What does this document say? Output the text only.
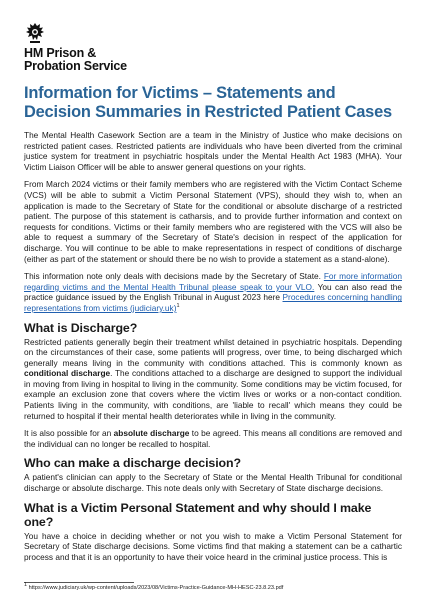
HM Prison &
Probation Service
Information for Victims – Statements and Decision Summaries in Restricted Patient Cases

The Mental Health Casework Section are a team in the Ministry of Justice who make decisions on restricted patient cases. Restricted patients are individuals who have been diverted from the criminal justice system for treatment in psychiatric hospitals under the Mental Health Act 1983 (MHA). Your Victim Liaison Officer will be able to answer general questions on your rights.

From March 2024 victims or their family members who are registered with the Victim Contact Scheme (VCS) will be able to submit a Victim Personal Statement (VPS), should they wish to, when an application is made to the Secretary of State for the conditional or absolute discharge of a restricted patient. The purpose of this statement is catharsis, and to provide further information and context on requests for conditions. Victims or their family members who are registered with the VCS will also be able to request a summary of the Secretary of State's decision in respect of the application for discharge. You will continue to be able to make representations in respect of conditions of discharge (either as part of the statement or should there be no wish to provide a statement as a stand-alone).

This information note only deals with decisions made by the Secretary of State. For more information regarding victims and the Mental Health Tribunal please speak to your VLO. You can also read the practice guidance issued by the English Tribunal in August 2023 here Procedures concerning handling representations from victims (judiciary.uk)$^1$

What is Discharge?

Restricted patients generally begin their treatment whilst detained in psychiatric hospitals. Depending on the circumstances of their case, some patients will progress, over time, to being discharged which generally means living in the community with conditions attached. This is commonly known as conditional discharge. The conditions attached to a discharge are designed to support the individual in moving from living in hospital to living in the community. Some conditions may be victim focused, for example an exclusion zone that covers where the victim lives or works or a non-contact condition. Patients living in the community, with conditions, are 'liable to recall' which means they could be returned to hospital if their mental health deteriorates while in living in the community.

It is also possible for an absolute discharge to be agreed. This means all conditions are removed and the individual can no longer be recalled to hospital.

Who can make a discharge decision?

A patient's clinician can apply to the Secretary of State or the Mental Health Tribunal for conditional discharge or absolute discharge. This note deals only with Secretary of State discharge decisions.

What is a Victim Personal Statement and why should I make one?

You have a choice in deciding whether or not you wish to make a Victim Personal Statement for Secretary of State discharge decisions. Some victims find that making a statement can be a cathartic process and that it is an opportunity to have their voice heard in the criminal justice process. This is

$^1$ https://www.judiciary.uk/wp-content/uploads/2023/08/Victims-Practice-Guidance-MH-HESC-23.8.23.pdf
